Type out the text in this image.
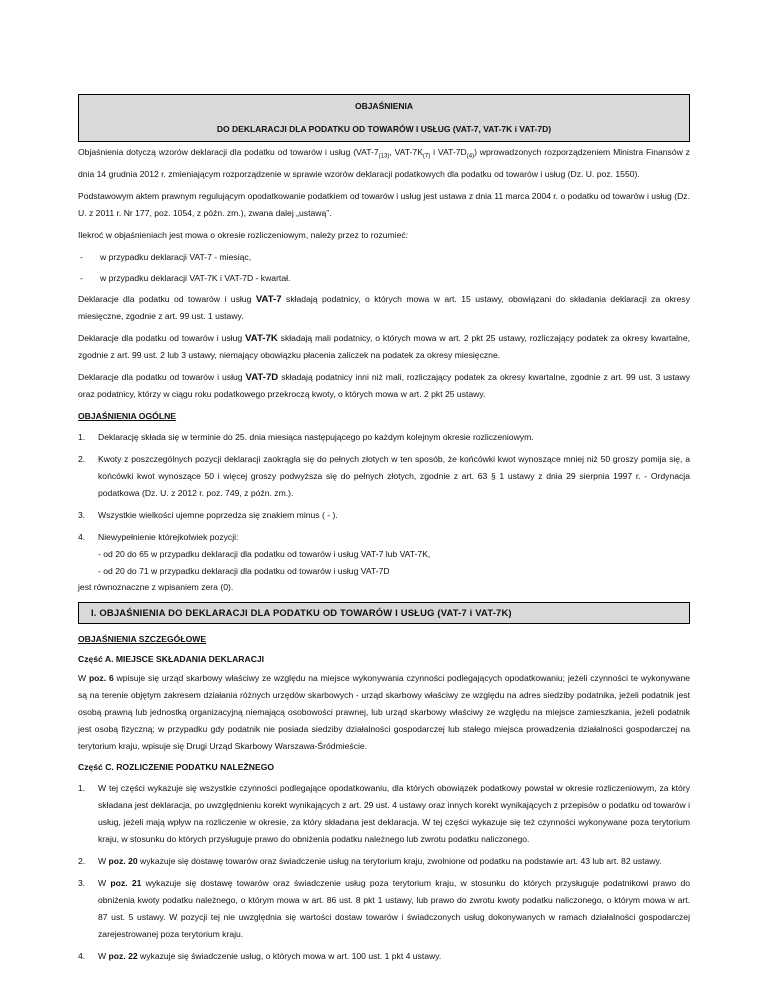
OBJAŚNIENIA
DO DEKLARACJI DLA PODATKU OD TOWARÓW I USŁUG (VAT-7, VAT-7K i VAT-7D)

Objaśnienia dotyczą wzorów deklaracji dla podatku od towarów i usług ($VAT-7_{(13)}$, VAT-$7K_{(7)}$ i VAT-$7D_{(4)}$) wprowadzonych rozporządzeniem Ministra Finansów z dnia 14 grudnia 2012 r. zmieniającym rozporządzenie w sprawie wzorów deklaracji podatkowych dla podatku od towarów i usług (Dz. U. poz. 1550).

Podstawowym aktem prawnym regulującym opodatkowanie podatkiem od towarów i usług jest ustawa z dnia 11 marca 2004 r. o podatku od towarów i usług (Dz. U. z 2011 r. Nr 177, poz. 1054, z późn. zm.), zwana dalej „ustawą”.

Ilekroć w objaśnieniach jest mowa o okresie rozliczeniowym, należy przez to rozumieć:

-	w przypadku deklaracji VAT-7 - miesiąc,
-	w przypadku deklaracji VAT-7K i VAT-7D - kwartał.

Deklaracje dla podatku od towarów i usług VAT-7 składają podatnicy, o których mowa w art. 15 ustawy, obowiązani do składania deklaracji za okresy miesięczne, zgodnie z art. 99 ust. 1 ustawy.

Deklaracje dla podatku od towarów i usług VAT-7K składają mali podatnicy, o których mowa w art. 2 pkt 25 ustawy, rozliczający podatek za okresy kwartalne, zgodnie z art. 99 ust. 2 lub 3 ustawy, niemający obowiązku płacenia zaliczek na podatek za okresy miesięczne.

Deklaracje dla podatku od towarów i usług VAT-7D składają podatnicy inni niż mali, rozliczający podatek za okresy kwartalne, zgodnie z art. 99 ust. 3 ustawy oraz podatnicy, którzy w ciągu roku podatkowego przekroczą kwoty, o których mowa w art. 2 pkt 25 ustawy.

OBJAŚNIENIA OGÓLNE
1.	Deklarację składa się w terminie do 25. dnia miesiąca następującego po każdym kolejnym okresie rozliczeniowym.
2.	Kwoty z poszczególnych pozycji deklaracji zaokrągla się do pełnych złotych w ten sposób, że końcówki kwot wynoszące mniej niż 50 groszy pomija się, a końcówki kwot wynoszące 50 i więcej groszy podwyższa się do pełnych złotych, zgodnie z art. 63 § 1 ustawy z dnia 29 sierpnia 1997 r. - Ordynacja podatkowa (Dz. U. z 2012 r. poz. 749, z późn. zm.).
3.	Wszystkie wielkości ujemne poprzedza się znakiem minus ( - ).
4.	Niewypełnienie którejkolwiek pozycji:
- od 20 do 65 w przypadku deklaracji dla podatku od towarów i usług VAT-7 lub VAT-7K,
- od 20 do 71 w przypadku deklaracji dla podatku od towarów i usług VAT-7D
jest równoznaczne z wpisaniem zera (0).
I. OBJAŚNIENIA DO DEKLARACJI DLA PODATKU OD TOWARÓW I USŁUG (VAT-7 i VAT-7K)
OBJAŚNIENIA SZCZEGÓŁOWE
Część A. MIEJSCE SKŁADANIA DEKLARACJI

W poz. 6 wpisuje się urząd skarbowy właściwy ze względu na miejsce wykonywania czynności podlegających opodatkowaniu; jeżeli czynności te wykonywane są na terenie objętym zakresem działania różnych urzędów skarbowych - urząd skarbowy właściwy ze względu na adres siedziby podatnika, jeżeli podatnik jest osobą prawną lub jednostką organizacyjną niemającą osobowości prawnej, lub urząd skarbowy właściwy ze względu na miejsce zamieszkania, jeżeli podatnik jest osobą fizyczną; w przypadku gdy podatnik nie posiada siedziby działalności gospodarczej lub stałego miejsca prowadzenia działalności gospodarczej na terytorium kraju, wpisuje się Drugi Urząd Skarbowy Warszawa-Śródmieście.

Część C. ROZLICZENIE PODATKU NALEŻNEGO
1.	W tej części wykazuje się wszystkie czynności podlegające opodatkowaniu, dla których obowiązek podatkowy powstał w okresie rozliczeniowym, za który składana jest deklaracja, po uwzględnieniu korekt wynikających z art. 29 ust. 4 ustawy oraz innych korekt wynikających z przepisów o podatku od towarów i usług, jeżeli mają wpływ na rozliczenie w okresie, za który składana jest deklaracja. W tej części wykazuje się też czynności wykonywane poza terytorium kraju, w stosunku do których przysługuje prawo do obniżenia podatku należnego lub zwrotu podatku naliczonego.
2.	W poz. 20 wykazuje się dostawę towarów oraz świadczenie usług na terytorium kraju, zwolnione od podatku na podstawie art. 43 lub art. 82 ustawy.
3.	W poz. 21 wykazuje się dostawę towarów oraz świadczenie usług poza terytorium kraju, w stosunku do których przysługuje podatnikowi prawo do obniżenia kwoty podatku należnego, o którym mowa w art. 86 ust. 8 pkt 1 ustawy, lub prawo do zwrotu kwoty podatku naliczonego, o którym mowa w art. 87 ust. 5 ustawy. W pozycji tej nie uwzględnia się wartości dostaw towarów i świadczonych usług dokonywanych w ramach działalności gospodarczej zarejestrowanej poza terytorium kraju.
4.	W poz. 22 wykazuje się świadczenie usług, o których mowa w art. 100 ust. 1 pkt 4 ustawy.
